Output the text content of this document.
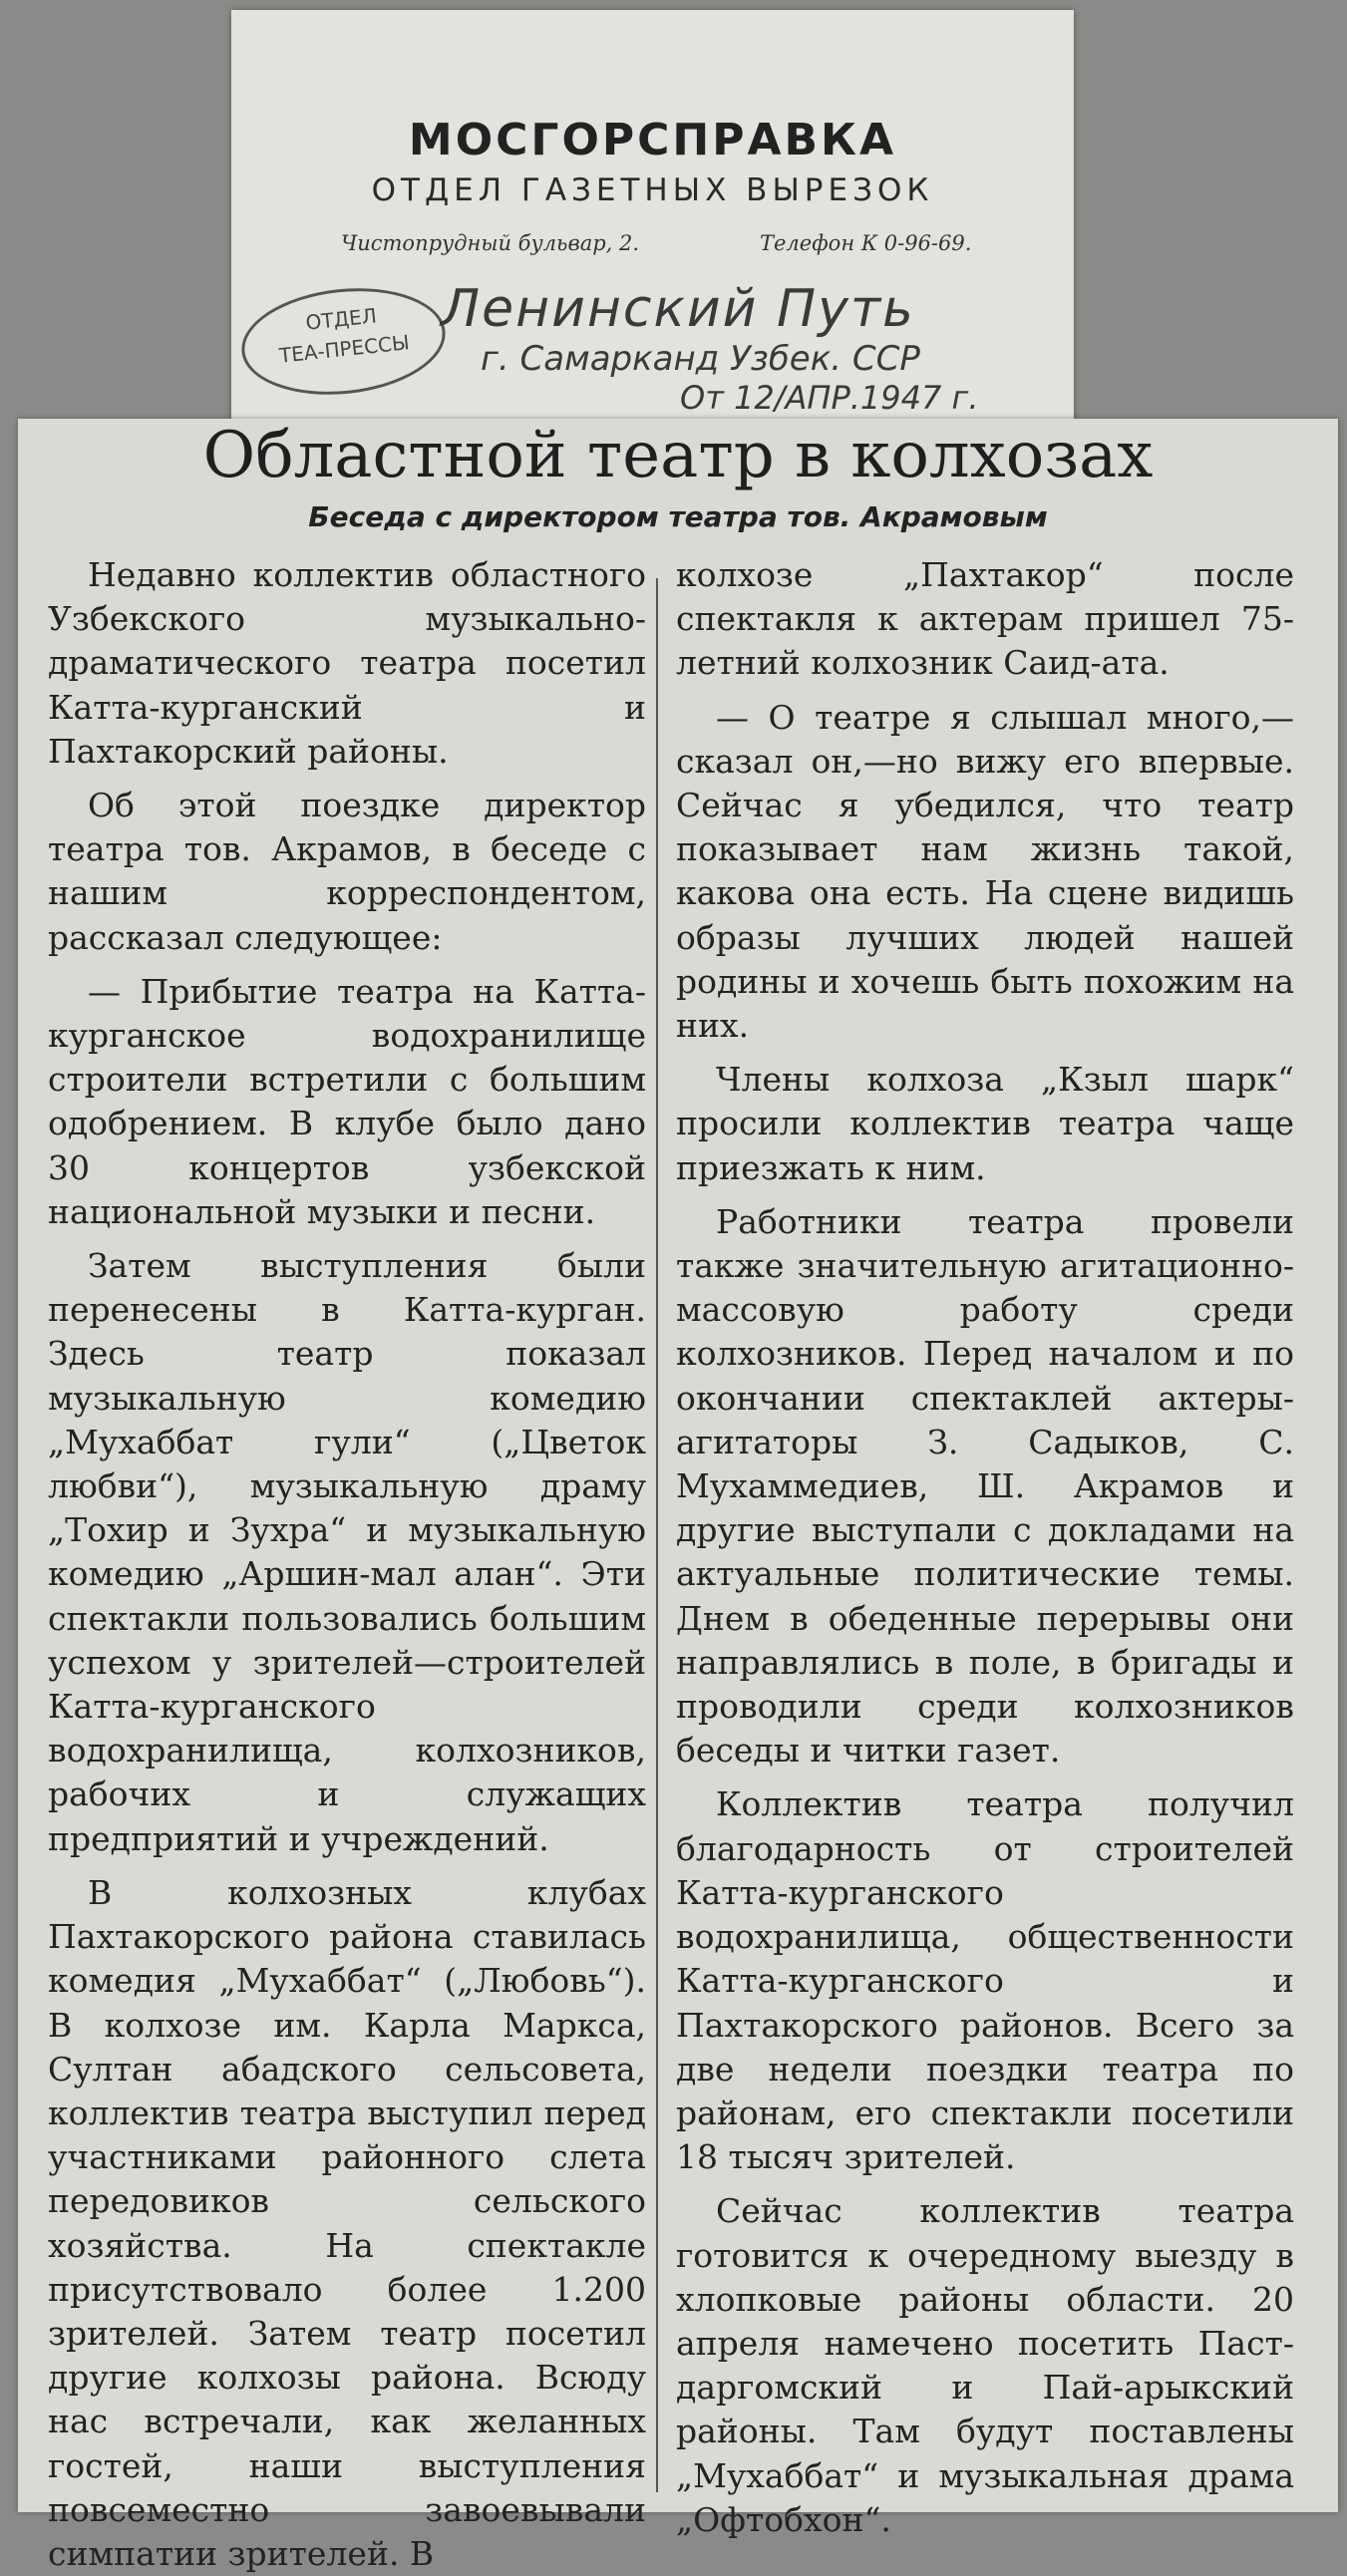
МОСГОРСПРАВКА
ОТДЕЛ ГАЗЕТНЫХ ВЫРЕЗОК
Чистопрудный бульвар, 2.	Телефон К 0-96-69.
ОТДЕЛ
ТЕА-ПРЕССЫ
Ленинский Путь
г. Самарканд Узбек. ССР
От 12/АПР.1947 г.
Областной театр в колхозах
Беседа с директором театра тов. Акрамовым

Недавно коллектив областного Узбекского музыкально-драматического театра посетил Катта-курганский и Пахтакорский районы.

Об этой поездке директор театра тов. Акрамов, в беседе с нашим корреспондентом, рассказал следующее:

— Прибытие театра на Катта-курганское водохранилище строители встретили с большим одобрением. В клубе было дано 30 концертов узбекской национальной музыки и песни.

Затем выступления были перенесены в Катта-курган. Здесь театр показал музыкальную комедию „Мухаббат гули“ („Цветок любви“), музыкальную драму „Тохир и Зухра“ и музыкальную комедию „Аршин-мал алан“. Эти спектакли пользовались большим успехом у зрителей—строителей Катта-курганского водохранилища, колхозников, рабочих и служащих предприятий и учреждений.

В колхозных клубах Пахтакорского района ставилась комедия „Мухаббат“ („Любовь“). В колхозе им. Карла Маркса, Султан абадского сельсовета, коллектив театра выступил перед участниками районного слета передовиков сельского хозяйства. На спектакле присутствовало более 1.200 зрителей. Затем театр посетил другие колхозы района. Всюду нас встречали, как желанных гостей, наши выступления повсеместно завоевывали симпатии зрителей. В

колхозе „Пахтакор“ после спектакля к актерам пришел 75-летний колхозник Саид-ата.

— О театре я слышал много,—сказал он,—но вижу его впервые. Сейчас я убедился, что театр показывает нам жизнь такой, какова она есть. На сцене видишь образы лучших людей нашей родины и хочешь быть похожим на них.

Члены колхоза „Кзыл шарк“ просили коллектив театра чаще приезжать к ним.

Работники театра провели также значительную агитационно-массовую работу среди колхозников. Перед началом и по окончании спектаклей актеры-агитаторы З. Садыков, С. Мухаммедиев, Ш. Акрамов и другие выступали с докладами на актуальные политические темы. Днем в обеденные перерывы они направлялись в поле, в бригады и проводили среди колхозников беседы и читки газет.

Коллектив театра получил благодарность от строителей Катта-курганского водохранилища, общественности Катта-курганского и Пахтакорского районов. Всего за две недели поездки театра по районам, его спектакли посетили 18 тысяч зрителей.

Сейчас коллектив театра готовится к очередному выезду в хлопковые районы области. 20 апреля намечено посетить Паст-даргомский и Пай-арыкский районы. Там будут поставлены „Мухаббат“ и музыкальная драма „Офтобхон“.
